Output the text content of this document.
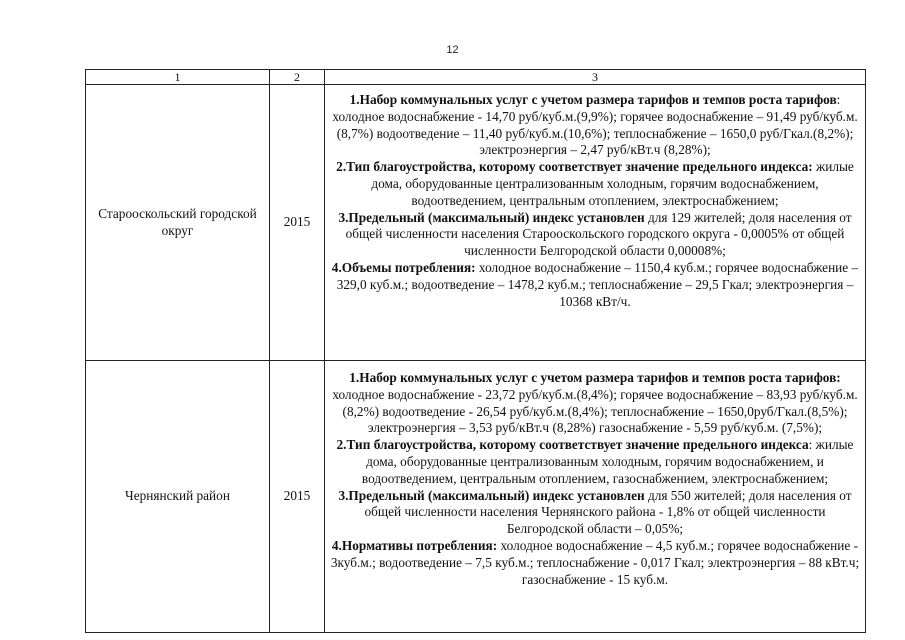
12
1	2	3
Старооскольский городской округ	2015	1.Набор коммунальных услуг с учетом размера тарифов и темпов роста тарифов: холодное водоснабжение - 14,70 руб/куб.м.(9,9%); горячее водоснабжение – 91,49 руб/куб.м.(8,7%) водоотведение – 11,40 руб/куб.м.(10,6%); теплоснабжение – 1650,0 руб/Гкал.(8,2%); электроэнергия – 2,47 руб/кВт.ч (8,28%);

2.Тип благоустройства, которому соответствует значение предельного индекса: жилые дома, оборудованные централизованным холодным, горячим водоснабжением, водоотведением, центральным отоплением, электроснабжением;

3.Предельный (максимальный) индекс установлен для 129 жителей; доля населения от общей численности населения Старооскольского городского округа - 0,0005% от общей численности Белгородской области 0,00008%;

4.Объемы потребления: холодное водоснабжение – 1150,4 куб.м.; горячее водоснабжение – 329,0 куб.м.; водоотведение – 1478,2 куб.м.; теплоснабжение – 29,5 Гкал; электроэнергия – 10368 кВт/ч.

Чернянский район	2015	1.Набор коммунальных услуг с учетом размера тарифов и темпов роста тарифов: холодное водоснабжение - 23,72 руб/куб.м.(8,4%); горячее водоснабжение – 83,93 руб/куб.м.(8,2%) водоотведение - 26,54 руб/куб.м.(8,4%); теплоснабжение – 1650,0руб/Гкал.(8,5%); электроэнергия – 3,53 руб/кВт.ч (8,28%) газоснабжение - 5,59 руб/куб.м. (7,5%);

2.Тип благоустройства, которому соответствует значение предельного индекса: жилые дома, оборудованные централизованным холодным, горячим водоснабжением, и водоотведением, центральным отоплением, газоснабжением, электроснабжением;

3.Предельный (максимальный) индекс установлен для 550 жителей; доля населения от общей численности населения Чернянского района - 1,8% от общей численности Белгородской области – 0,05%;

4.Нормативы потребления: холодное водоснабжение – 4,5 куб.м.; горячее водоснабжение - 3куб.м.; водоотведение – 7,5 куб.м.; теплоснабжение - 0,017 Гкал; электроэнергия – 88 кВт.ч; газоснабжение - 15 куб.м.
